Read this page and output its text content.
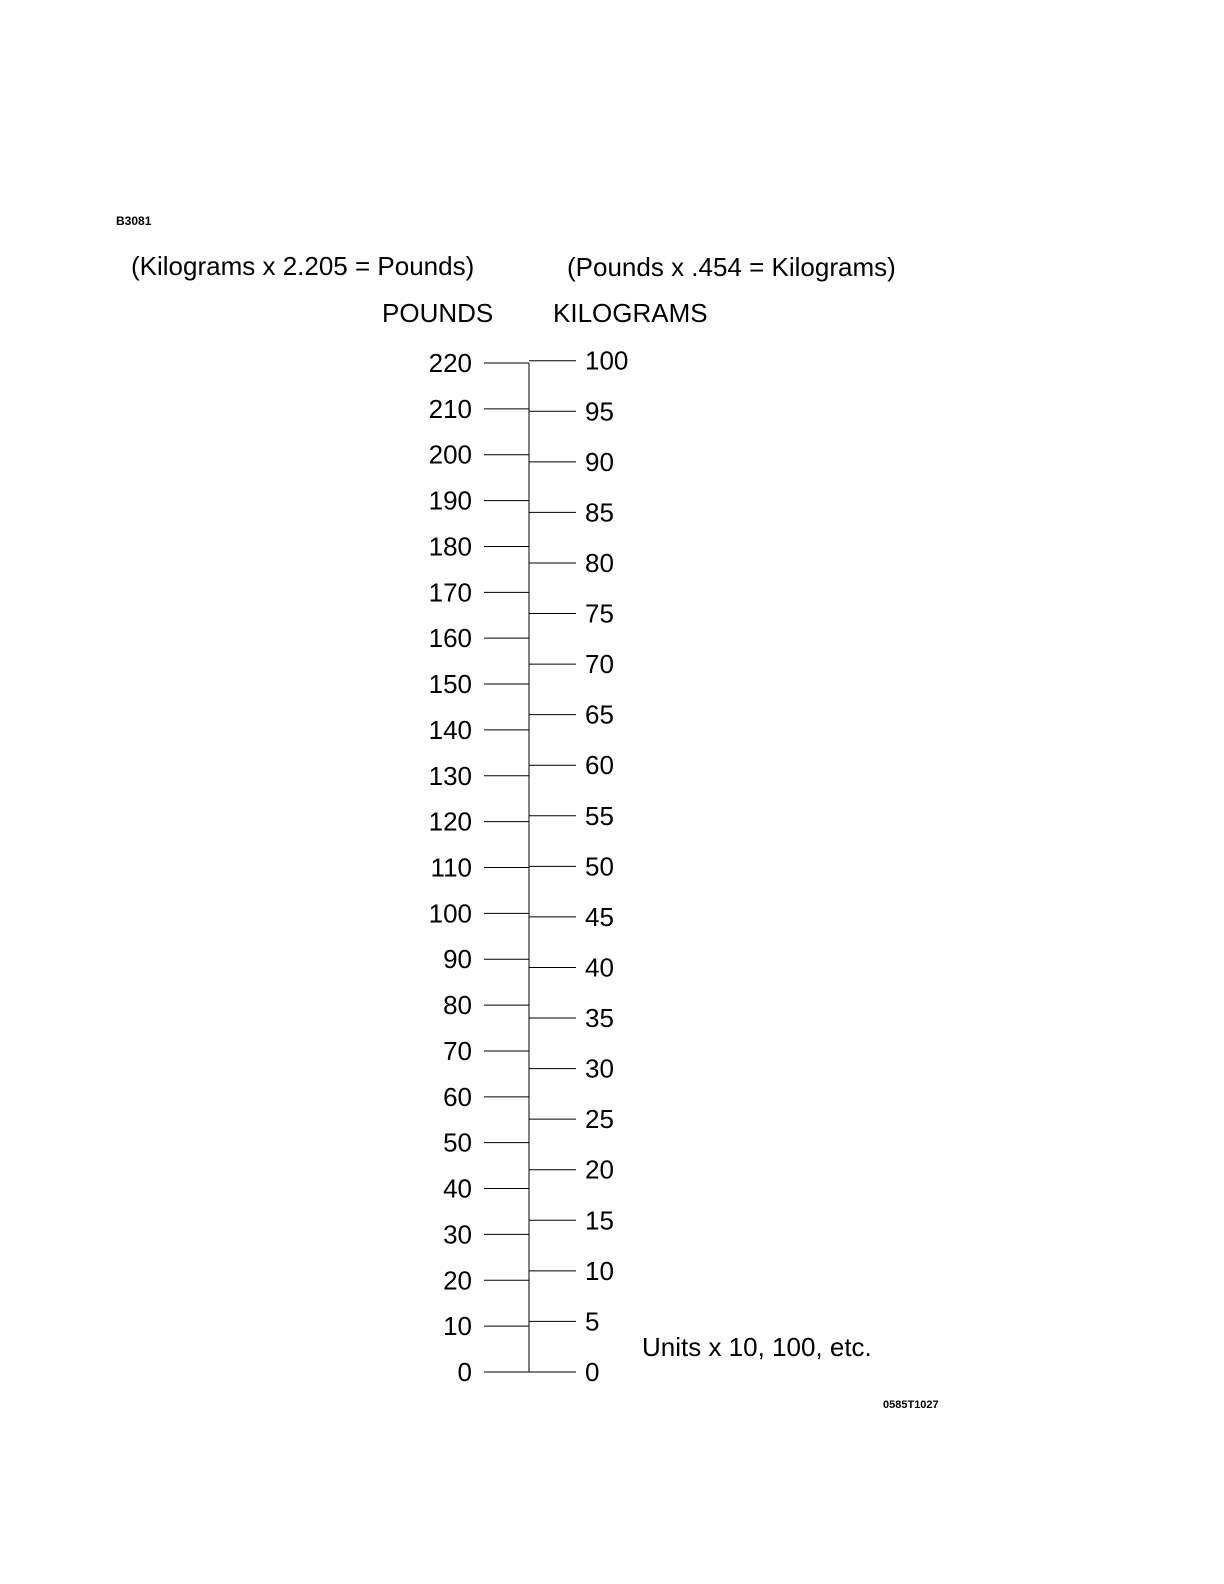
B3081
(Kilograms x 2.205 = Pounds)	(Pounds x .454 = Kilograms)
POUNDS KILOGRAMS
220
210
200
190
180
170
160
150
140
130
120
110
100
90
80
70
60
50
40
30
20
10
0
100
95
90
85
80
75
70
65
60
55
50
45
40
35
30
25
20
15
10
5
0
Units x 10, 100, etc.
0585T1027
